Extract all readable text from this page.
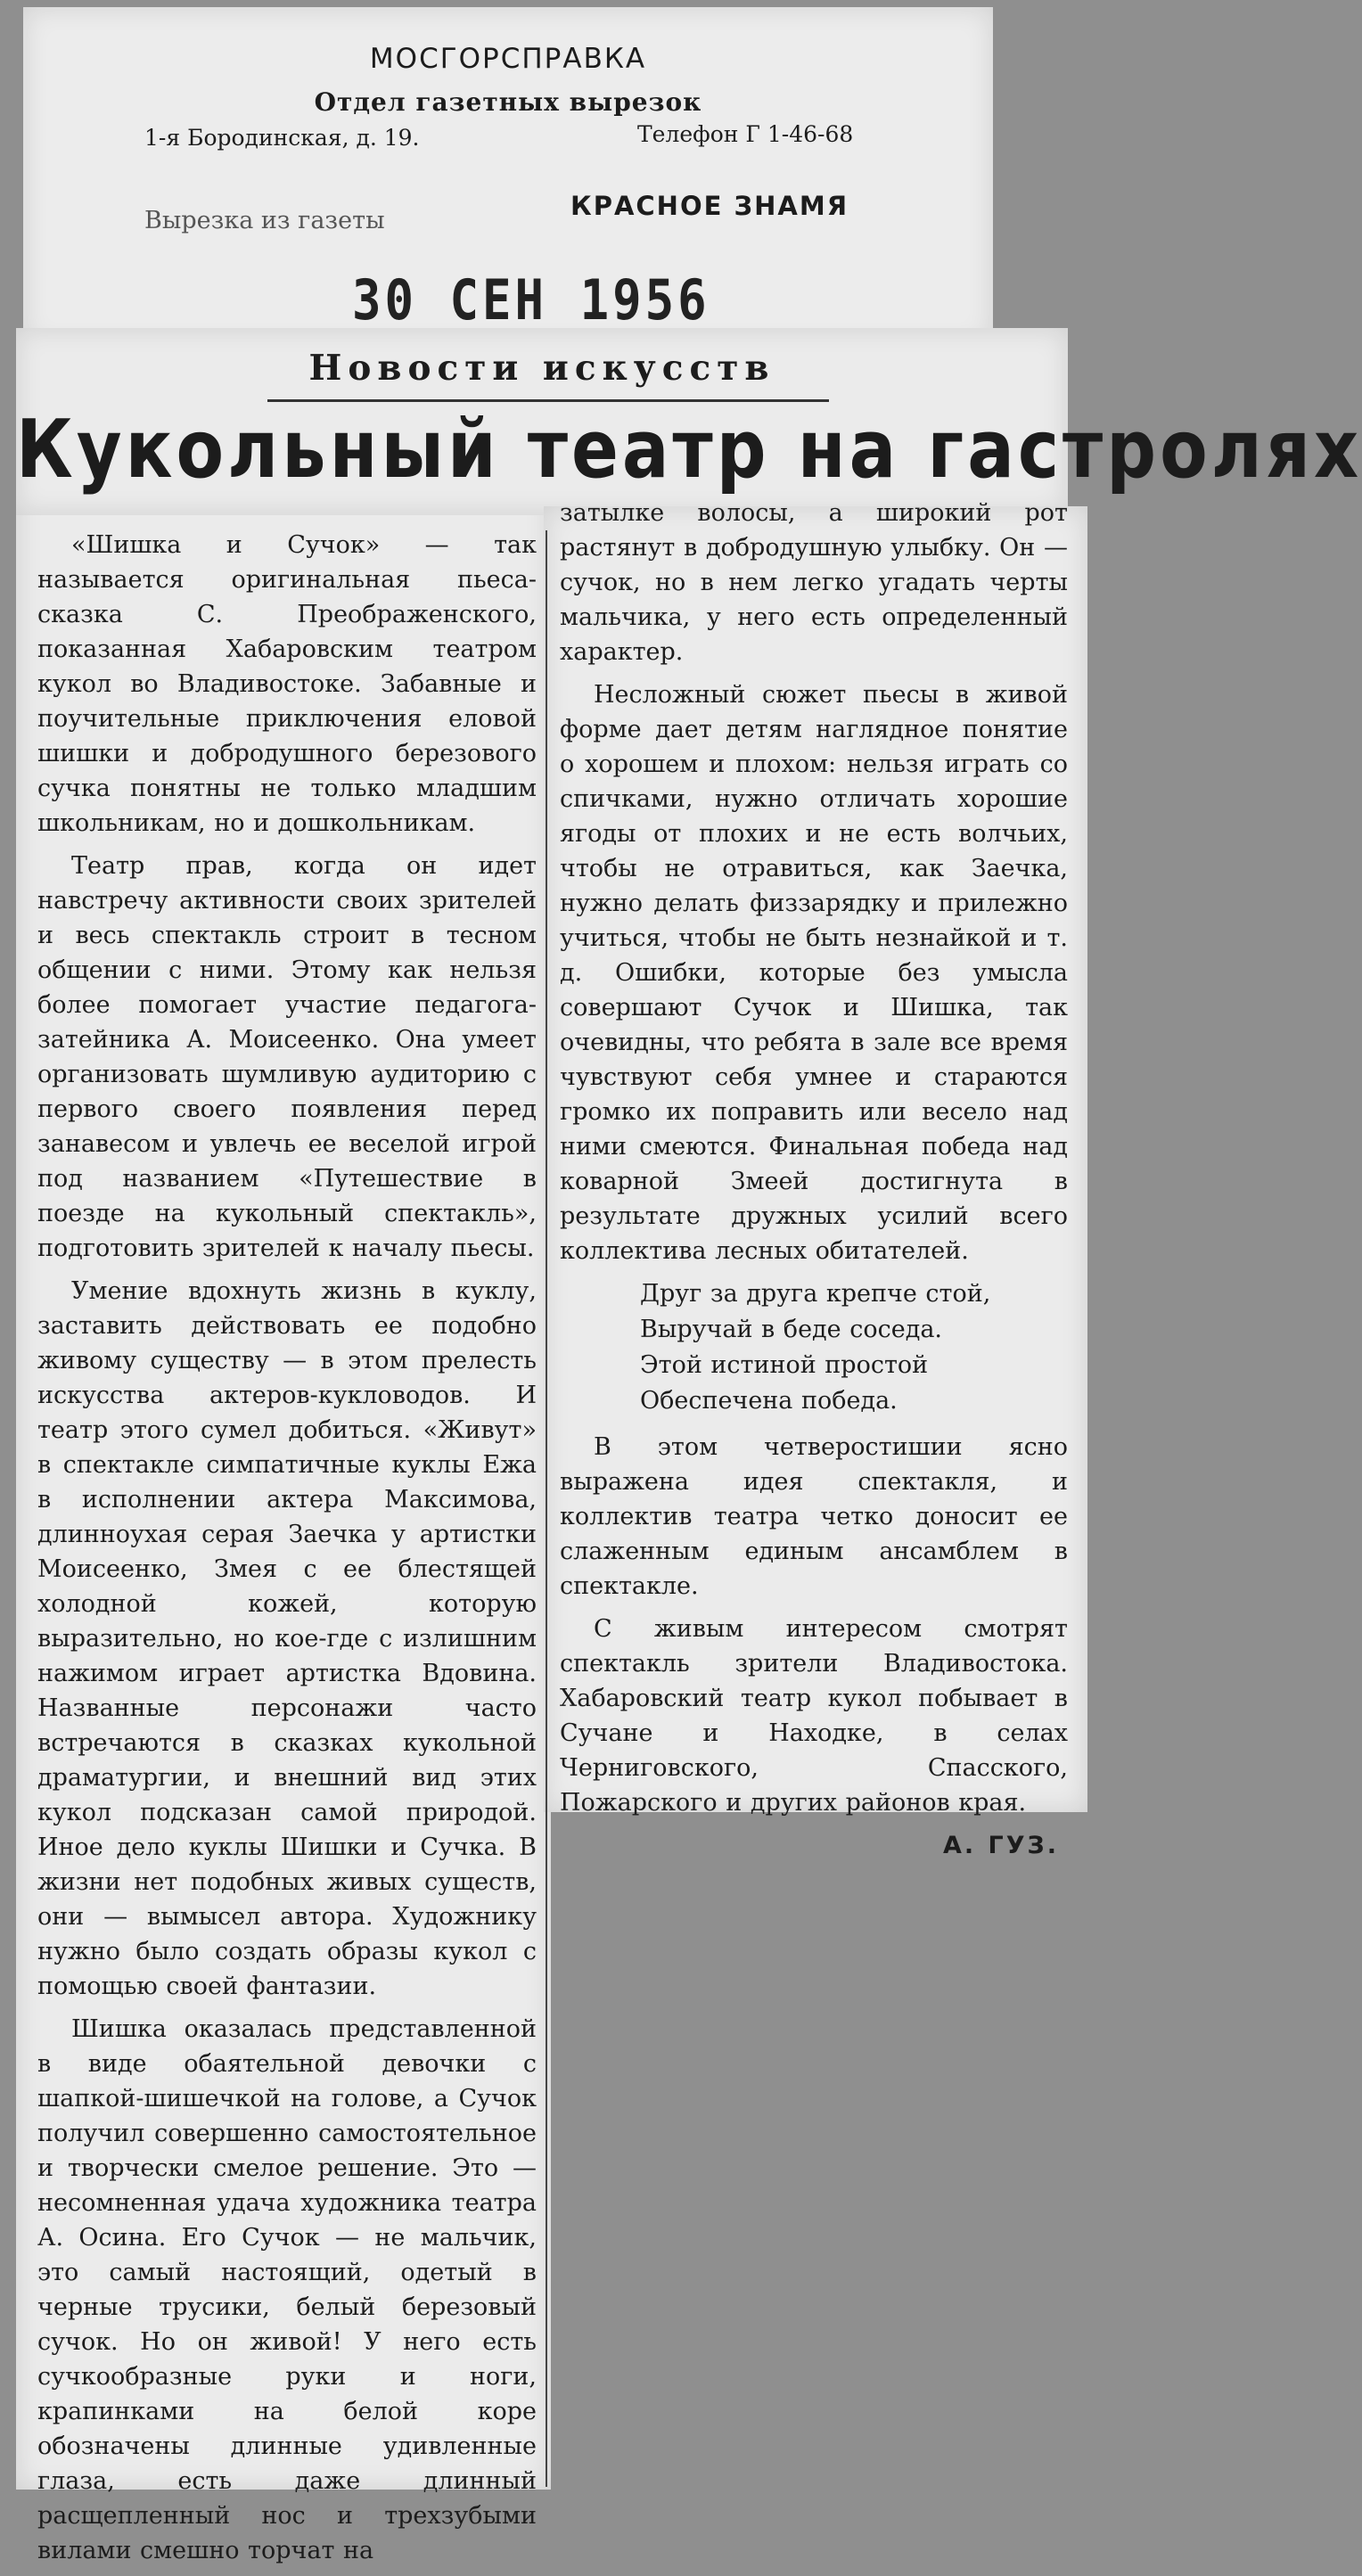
МОСГОРСПРАВКА
Отдел газетных вырезок
1-я Бородинская, д. 19.	Телефон Г 1-46-68
Вырезка из газеты	КРАСНОЕ ЗНАМЯ
30 СЕН 1956
Новости искусств
Кукольный театр на гастролях

«Шишка и Сучок» — так называется оригинальная пьеса-сказка С. Преображенского, показанная Хабаровским театром кукол во Владивостоке. Забавные и поучительные приключения еловой шишки и добродушного березового сучка понятны не только младшим школьникам, но и дошкольникам.

Театр прав, когда он идет навстречу активности своих зрителей и весь спектакль строит в тесном общении с ними. Этому как нельзя более помогает участие педагога-затейника А. Моисеенко. Она умеет организовать шумливую аудиторию с первого своего появления перед занавесом и увлечь ее веселой игрой под названием «Путешествие в поезде на кукольный спектакль», подготовить зрителей к началу пьесы.

Умение вдохнуть жизнь в куклу, заставить действовать ее подобно живому существу — в этом прелесть искусства актеров-кукловодов. И театр этого сумел добиться. «Живут» в спектакле симпатичные куклы Ежа в исполнении актера Максимова, длинноухая серая Заечка у артистки Моисеенко, Змея с ее блестящей холодной кожей, которую выразительно, но кое-где с излишним нажимом играет артистка Вдовина. Названные персонажи часто встречаются в сказках кукольной драматургии, и внешний вид этих кукол подсказан самой природой. Иное дело куклы Шишки и Сучка. В жизни нет подобных живых существ, они — вымысел автора. Художнику нужно было создать образы кукол с помощью своей фантазии.

Шишка оказалась представленной в виде обаятельной девочки с шапкой-шишечкой на голове, а Сучок получил совершенно самостоятельное и творчески смелое решение. Это — несомненная удача художника театра А. Осина. Его Сучок — не мальчик, это самый настоящий, одетый в черные трусики, белый березовый сучок. Но он живой! У него есть сучкообразные руки и ноги, крапинками на белой коре обозначены длинные удивленные глаза, есть даже длинный расщепленный нос и трехзубыми вилами смешно торчат на

затылке волосы, а широкий рот растянут в добродушную улыбку. Он — сучок, но в нем легко угадать черты мальчика, у него есть определенный характер.

Несложный сюжет пьесы в живой форме дает детям наглядное понятие о хорошем и плохом: нельзя играть со спичками, нужно отличать хорошие ягоды от плохих и не есть волчьих, чтобы не отравиться, как Заечка, нужно делать физзарядку и прилежно учиться, чтобы не быть незнайкой и т. д. Ошибки, которые без умысла совершают Сучок и Шишка, так очевидны, что ребята в зале все время чувствуют себя умнее и стараются громко их поправить или весело над ними смеются. Финальная победа над коварной Змеей достигнута в результате дружных усилий всего коллектива лесных обитателей.

Друг за друга крепче стой,
Выручай в беде соседа.
Этой истиной простой
Обеспечена победа.

В этом четверостишии ясно выражена идея спектакля, и коллектив театра четко доносит ее слаженным единым ансамблем в спектакле.

С живым интересом смотрят спектакль зрители Владивостока. Хабаровский театр кукол побывает в Сучане и Находке, в селах Черниговского, Спасского, Пожарского и других районов края.

А. ГУЗ.
